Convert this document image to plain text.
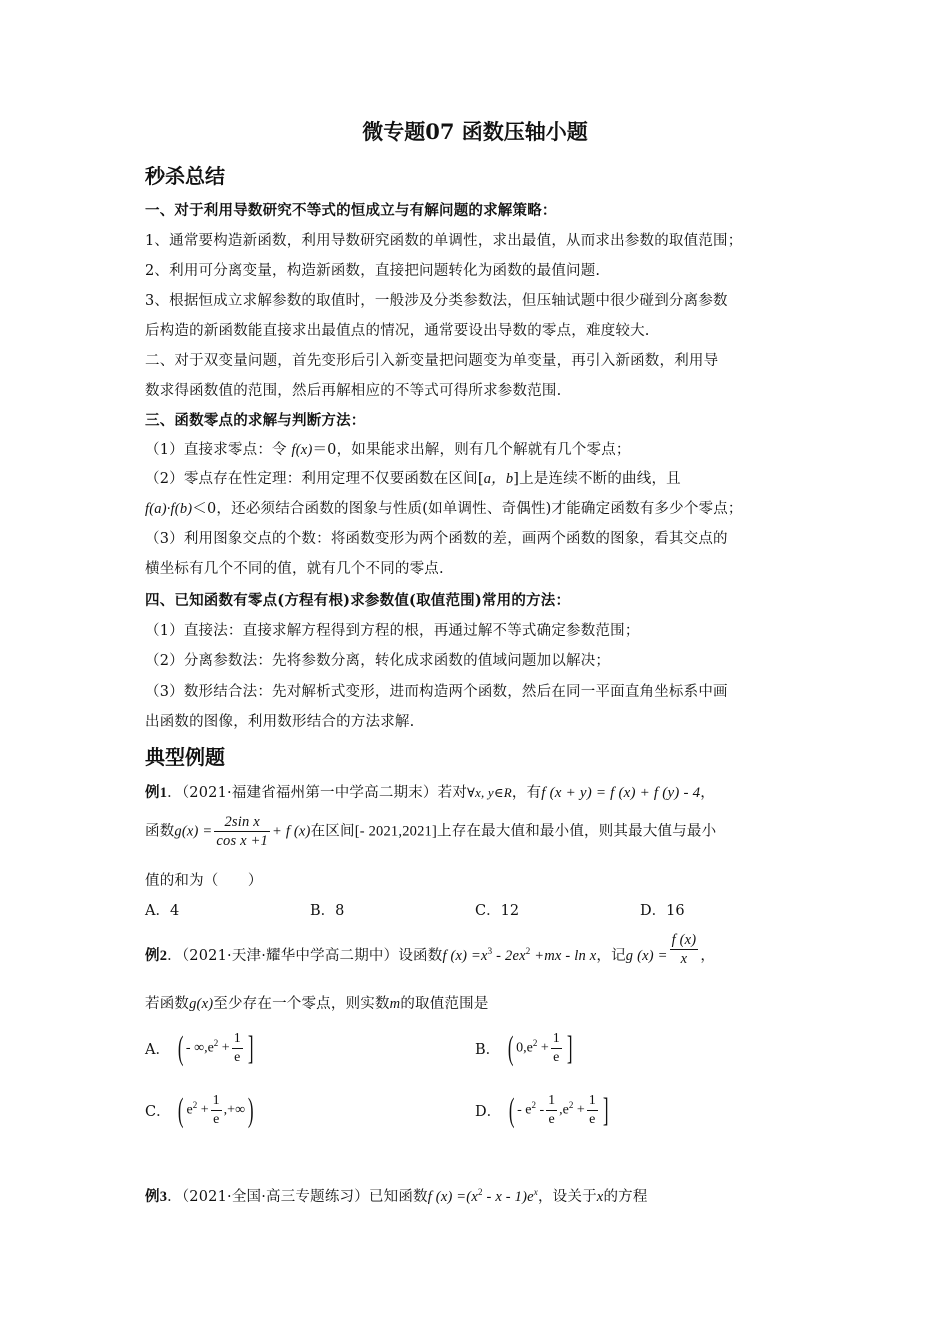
微专题07 函数压轴小题
秒杀总结
一、对于利用导数研究不等式的恒成立与有解问题的求解策略：
1、通常要构造新函数，利用导数研究函数的单调性，求出最值，从而求出参数的取值范围；
2、利用可分离变量，构造新函数，直接把问题转化为函数的最值问题.
3、根据恒成立求解参数的取值时，一般涉及分类参数法，但压轴试题中很少碰到分离参数
后构造的新函数能直接求出最值点的情况，通常要设出导数的零点，难度较大.
二、对于双变量问题，首先变形后引入新变量把问题变为单变量，再引入新函数，利用导
数求得函数值的范围，然后再解相应的不等式可得所求参数范围.
三、函数零点的求解与判断方法：
（1）直接求零点：令 f(x)＝0，如果能求出解，则有几个解就有几个零点；
（2）零点存在性定理：利用定理不仅要函数在区间[a，b]上是连续不断的曲线，且
f(a)·f(b)＜0，还必须结合函数的图象与性质(如单调性、奇偶性)才能确定函数有多少个零点；
（3）利用图象交点的个数：将函数变形为两个函数的差，画两个函数的图象，看其交点的
横坐标有几个不同的值，就有几个不同的零点.
四、已知函数有零点(方程有根)求参数值(取值范围)常用的方法：
（1）直接法：直接求解方程得到方程的根，再通过解不等式确定参数范围；
（2）分离参数法：先将参数分离，转化成求函数的值域问题加以解决；
（3）数形结合法：先对解析式变形，进而构造两个函数，然后在同一平面直角坐标系中画
出函数的图像，利用数形结合的方法求解.
典型例题
例1．（2021·福建省福州第一中学高二期末）若对∀x, y∈R，有f (x + y) = f (x) + f (y) - 4，
函数$g(x) = \frac{\text{2sin x}}{\text{cos x +1}} + f$ (x)在区间[- 2021,2021]上存在最大值和最小值，则其最大值与最小
值的和为（　　）
A．4	B．8	C．12	D．16
例2．（2021·天津·耀华中学高二期中）设函数f $(x) =x^3 - 2ex^2 +mx - \ln x$，记g $(x) = \frac{f (x)}{x}$ ，
若函数g(x)至少存在一个零点，则实数m的取值范围是
A． ( - $\infty,e^2 + \frac{1}{e}$ ]	B． ( $0,e^2 + \frac{1}{e}$ ]
C． ( $e^2 + \frac{1}{e}$ ,+∞)	D． ( - $e^2 - \frac{1}{e} ,e^2 + \frac{1}{e}$ ]
例3．（2021·全国·高三专题练习）已知函数f $(x) =(x^2 - x - 1)e^x$，设关于x的方程
